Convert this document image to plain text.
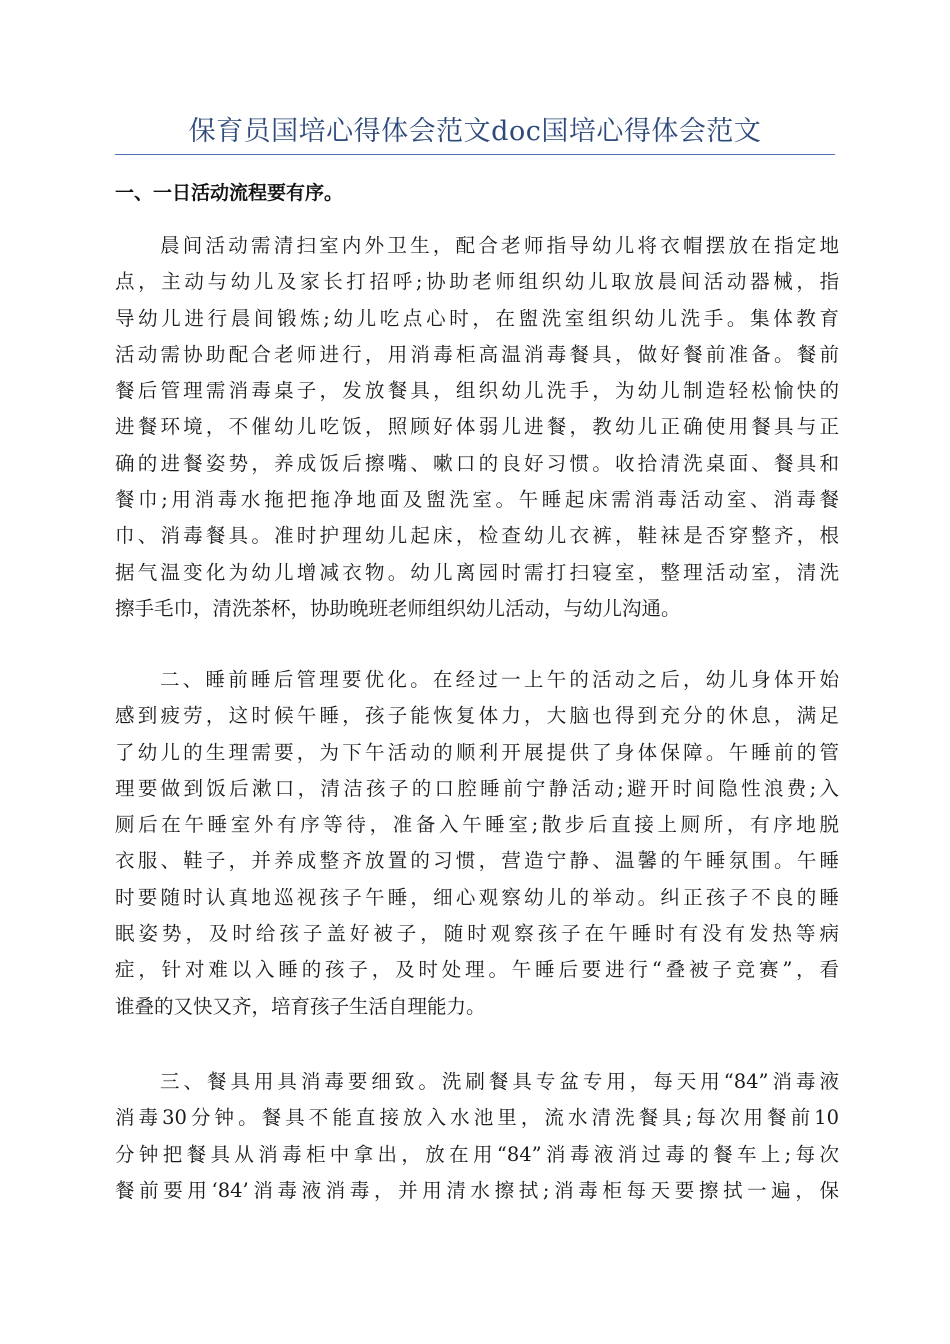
保育员国培心得体会范文doc国培心得体会范文
一、一日活动流程要有序。
晨间活动需清扫室内外卫生，配合老师指导幼儿将衣帽摆放在指定地
点，主动与幼儿及家长打招呼;协助老师组织幼儿取放晨间活动器械，指
导幼儿进行晨间锻炼;幼儿吃点心时，在盥洗室组织幼儿洗手。集体教育
活动需协助配合老师进行，用消毒柜高温消毒餐具，做好餐前准备。餐前
餐后管理需消毒桌子，发放餐具，组织幼儿洗手，为幼儿制造轻松愉快的
进餐环境，不催幼儿吃饭，照顾好体弱儿进餐，教幼儿正确使用餐具与正
确的进餐姿势，养成饭后擦嘴、嗽口的良好习惯。收拾清洗桌面、餐具和
餐巾;用消毒水拖把拖净地面及盥洗室。午睡起床需消毒活动室、消毒餐
巾、消毒餐具。准时护理幼儿起床，检查幼儿衣裤，鞋袜是否穿整齐，根
据气温变化为幼儿增减衣物。幼儿离园时需打扫寝室，整理活动室，清洗
擦手毛巾，清洗茶杯，协助晚班老师组织幼儿活动，与幼儿沟通。
二、睡前睡后管理要优化。在经过一上午的活动之后，幼儿身体开始
感到疲劳，这时候午睡，孩子能恢复体力，大脑也得到充分的休息，满足
了幼儿的生理需要，为下午活动的顺利开展提供了身体保障。午睡前的管
理要做到饭后漱口，清洁孩子的口腔睡前宁静活动;避开时间隐性浪费;入
厕后在午睡室外有序等待，准备入午睡室;散步后直接上厕所，有序地脱
衣服、鞋子，并养成整齐放置的习惯，营造宁静、温馨的午睡氛围。午睡
时要随时认真地巡视孩子午睡，细心观察幼儿的举动。纠正孩子不良的睡
眠姿势，及时给孩子盖好被子，随时观察孩子在午睡时有没有发热等病
症，针对难以入睡的孩子，及时处理。午睡后要进行“叠被子竞赛”，看
谁叠的又快又齐，培育孩子生活自理能力。
三、餐具用具消毒要细致。洗刷餐具专盆专用，每天用“84”消毒液
消毒30分钟。餐具不能直接放入水池里，流水清洗餐具;每次用餐前10
分钟把餐具从消毒柜中拿出，放在用“84”消毒液消过毒的餐车上;每次
餐前要用‘84’消毒液消毒，并用清水擦拭;消毒柜每天要擦拭一遍，保
